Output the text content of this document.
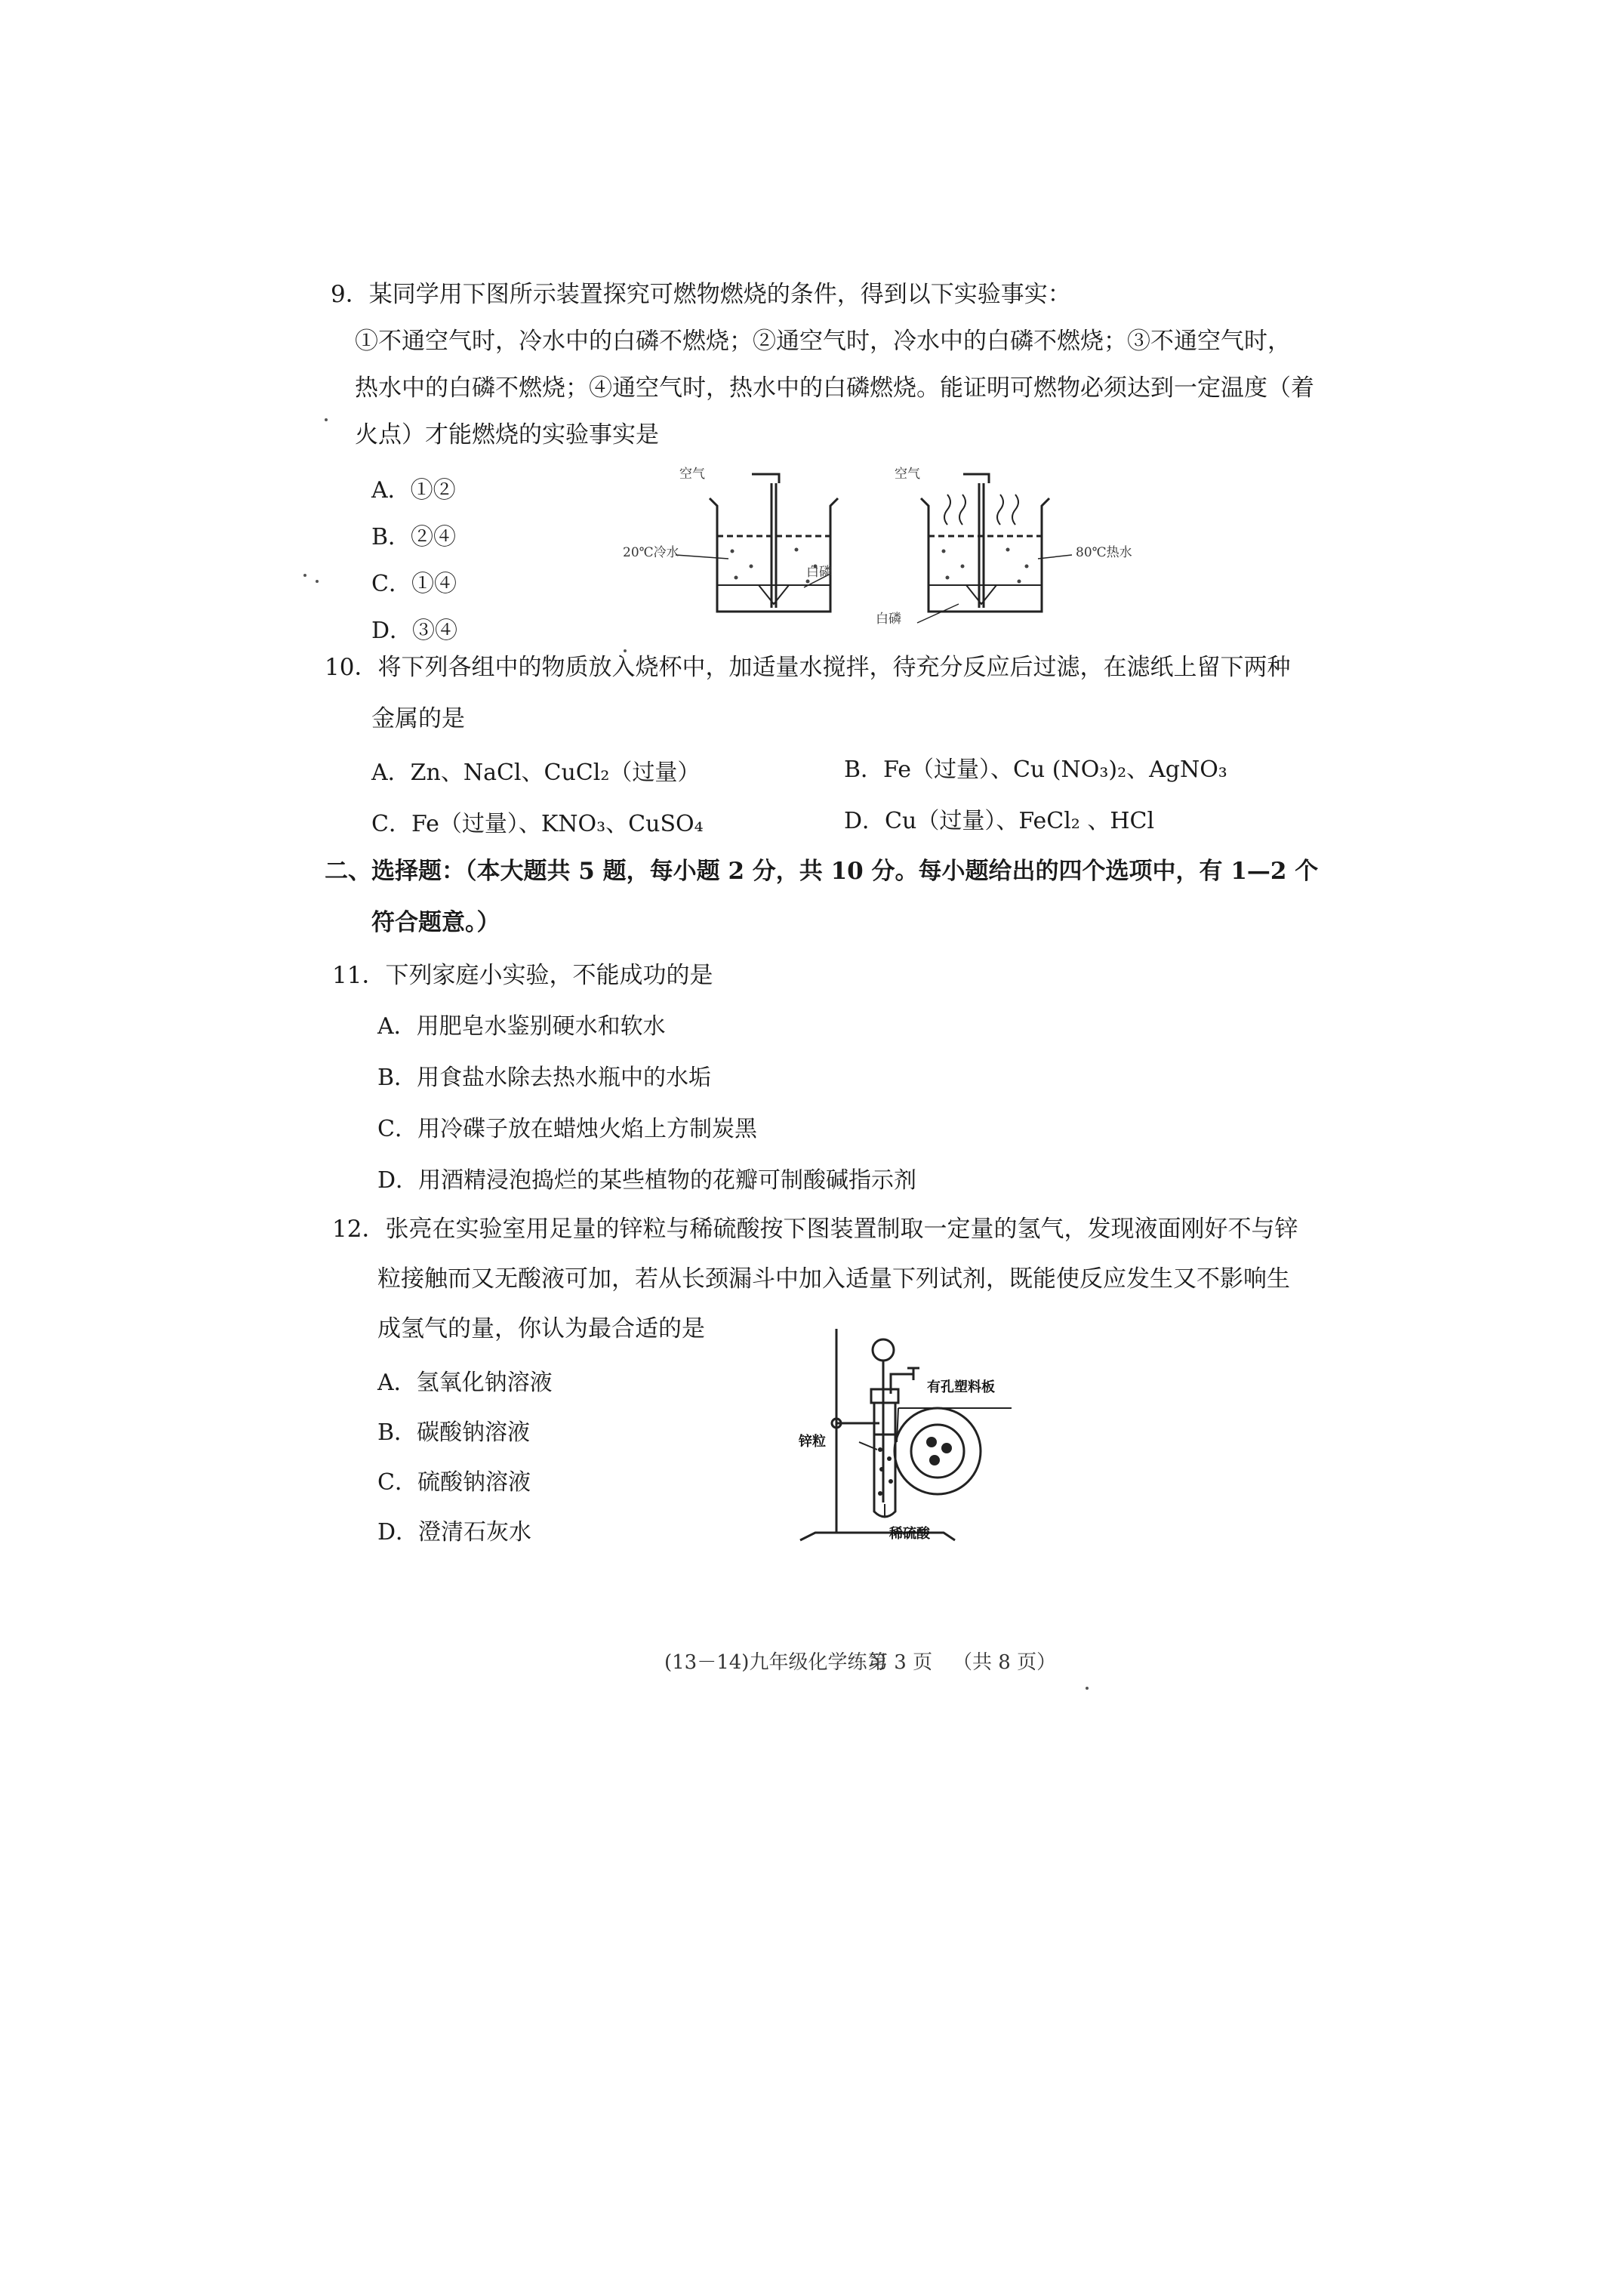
9．某同学用下图所示装置探究可燃物燃烧的条件，得到以下实验事实：
①不通空气时，冷水中的白磷不燃烧；②通空气时，冷水中的白磷不燃烧；③不通空气时，
热水中的白磷不燃烧；④通空气时，热水中的白磷燃烧。能证明可燃物必须达到一定温度（着
火点）才能燃烧的实验事实是
A．①②
B．②④
C．①④
D．③④
空气
20℃冷水
白磷
空气
80℃热水
白磷
10．将下列各组中的物质放入烧杯中，加适量水搅拌，待充分反应后过滤，在滤纸上留下两种
金属的是
A．Zn、NaCl、CuCl₂（过量）	B．Fe（过量）、Cu (NO₃)₂、AgNO₃
C．Fe（过量）、KNO₃、CuSO₄	D．Cu（过量）、FeCl₂ 、HCl
二、选择题：（本大题共 5 题，每小题 2 分，共 10 分。每小题给出的四个选项中，有 1—2 个
符合题意。）
11．下列家庭小实验，不能成功的是
A．用肥皂水鉴别硬水和软水
B．用食盐水除去热水瓶中的水垢
C．用冷碟子放在蜡烛火焰上方制炭黑
D．用酒精浸泡捣烂的某些植物的花瓣可制酸碱指示剂
12．张亮在实验室用足量的锌粒与稀硫酸按下图装置制取一定量的氢气，发现液面刚好不与锌
粒接触而又无酸液可加，若从长颈漏斗中加入适量下列试剂，既能使反应发生又不影响生
成氢气的量，你认为最合适的是
A．氢氧化钠溶液
B．碳酸钠溶液
C．硫酸钠溶液
D．澄清石灰水
有孔塑料板
锌粒
稀硫酸
(13－14)九年级化学练习
第 3 页 （共 8 页）
